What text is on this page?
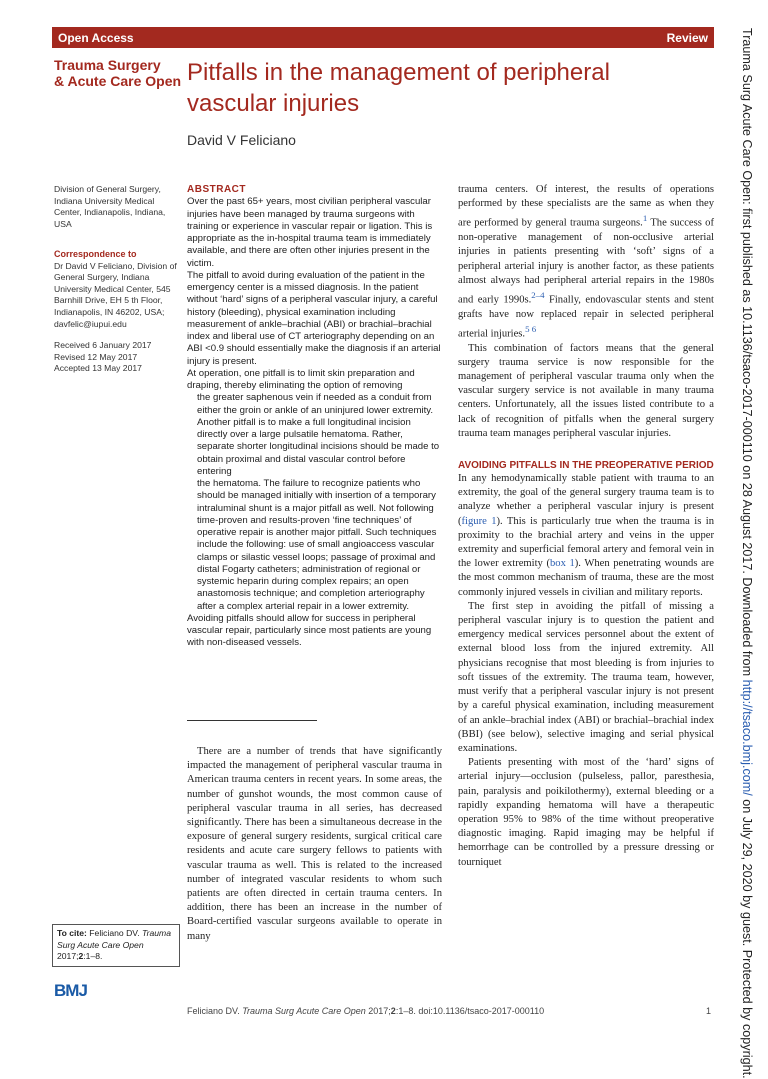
Open Access	Review
Trauma Surgery
& Acute Care Open Pitfalls in the management of peripheral vascular injuries
David V Feliciano
Division of General Surgery, Indiana University Medical Center, Indianapolis, Indiana, USA
Correspondence to
Dr David V Feliciano, Division of General Surgery, Indiana University Medical Center, 545 Barnhill Drive, EH 5 th Floor, Indianapolis, IN 46202, USA; davfelic@iupui.edu
Received 6 January 2017
Revised 12 May 2017
Accepted 13 May 2017
ABSTRACT

Over the past 65+ years, most civilian peripheral vascular injuries have been managed by trauma surgeons with training or experience in vascular repair or ligation. This is appropriate as the in-hospital trauma team is immediately available, and there are often other injuries present in the victim.

The pitfall to avoid during evaluation of the patient in the emergency center is a missed diagnosis. In the patient without ‘hard’ signs of a peripheral vascular injury, a careful history (bleeding), physical examination including measurement of ankle–brachial (ABI) or brachial–brachial index and liberal use of CT arteriography depending on an ABI <0.9 should essentially make the diagnosis if an arterial injury is present.

At operation, one pitfall is to limit skin preparation and draping, thereby eliminating the option of removing

the greater saphenous vein if needed as a conduit from either the groin or ankle of an uninjured lower extremity. Another pitfall is to make a full longitudinal incision directly over a large pulsatile hematoma. Rather, separate shorter longitudinal incisions should be made to obtain proximal and distal vascular control before entering

the hematoma. The failure to recognize patients who should be managed initially with insertion of a temporary intraluminal shunt is a major pitfall as well. Not following time-proven and results-proven ‘fine techniques’ of operative repair is another major pitfall. Such techniques include the following: use of small angioaccess vascular clamps or silastic vessel loops; passage of proximal and distal Fogarty catheters; administration of regional or systemic heparin during complex repairs; an open anastomosis technique; and completion arteriography after a complex arterial repair in a lower extremity.

Avoiding pitfalls should allow for success in peripheral vascular repair, particularly since most patients are young with non-diseased vessels.

There are a number of trends that have significantly impacted the management of peripheral vascular trauma in American trauma centers in recent years. In some areas, the number of gunshot wounds, the most common cause of peripheral vascular trauma in all series, has decreased significantly. There has been a simultaneous decrease in the exposure of general surgery residents, surgical critical care residents and acute care surgery fellows to patients with vascular trauma as well. This is related to the increased number of integrated vascular residents to whom such patients are often directed in certain trauma centers. In addition, there has been an increase in the number of Board-certified vascular surgeons available to operate in many

trauma centers. Of interest, the results of operations performed by these specialists are the same as when they are performed by general trauma surgeons.$^1$ The success of non-operative management of non-occlusive arterial injuries in patients presenting with ‘soft’ signs of a peripheral arterial injury is another factor, as these patients almost always had peripheral arterial repairs in the 1980s and early 1990s.$^{2-4}$ Finally, endovascular stents and stent grafts have now replaced repair in selected peripheral arterial injuries.$^{5 6}$

This combination of factors means that the general surgery trauma service is now responsible for the management of peripheral vascular trauma only when the vascular surgery service is not available in many trauma centers. Unfortunately, all the issues listed contribute to a lack of recognition of pitfalls when the general surgery trauma team manages peripheral vascular injuries.

AVOIDING PITFALLS IN THE PREOPERATIVE PERIOD

In any hemodynamically stable patient with trauma to an extremity, the goal of the general surgery trauma team is to analyze whether a peripheral vascular injury is present (figure 1). This is particularly true when the trauma is in proximity to the brachial artery and veins in the upper extremity and superficial femoral artery and femoral vein in the lower extremity (box 1). When penetrating wounds are the most common mechanism of trauma, these are the most commonly injured vessels in civilian and military reports.

The first step in avoiding the pitfall of missing a peripheral vascular injury is to question the patient and emergency medical services personnel about the extent of external blood loss from the injured extremity. All physicians recognise that most bleeding is from injuries to soft tissues of the extremity. The trauma team, however, must verify that a peripheral vascular injury is not present by a careful physical examination, including measurement of an ankle–brachial index (ABI) or brachial–brachial index (BBI) (see below), selective imaging and serial physical examinations.

Patients presenting with most of the ‘hard’ signs of arterial injury—occlusion (pulseless, pallor, paresthesia, pain, paralysis and poikilothermy), external bleeding or a rapidly expanding hematoma will have a therapeutic operation 95% to 98% of the time without preoperative diagnostic imaging. Rapid imaging may be helpful if hemorrhage can be controlled by a pressure dressing or tourniquet

To cite: Feliciano DV. Trauma Surg Acute Care Open 2017;2:1–8.
BMJ
Feliciano DV. Trauma Surg Acute Care Open 2017;2:1–8. doi:10.1136/tsaco-2017-000110	1
Trauma Surg Acute Care Open: first published as 10.1136/tsaco-2017-000110 on 28 August 2017. Downloaded from http://tsaco.bmj.com/ on July 29, 2020 by guest. Protected by copyright.
